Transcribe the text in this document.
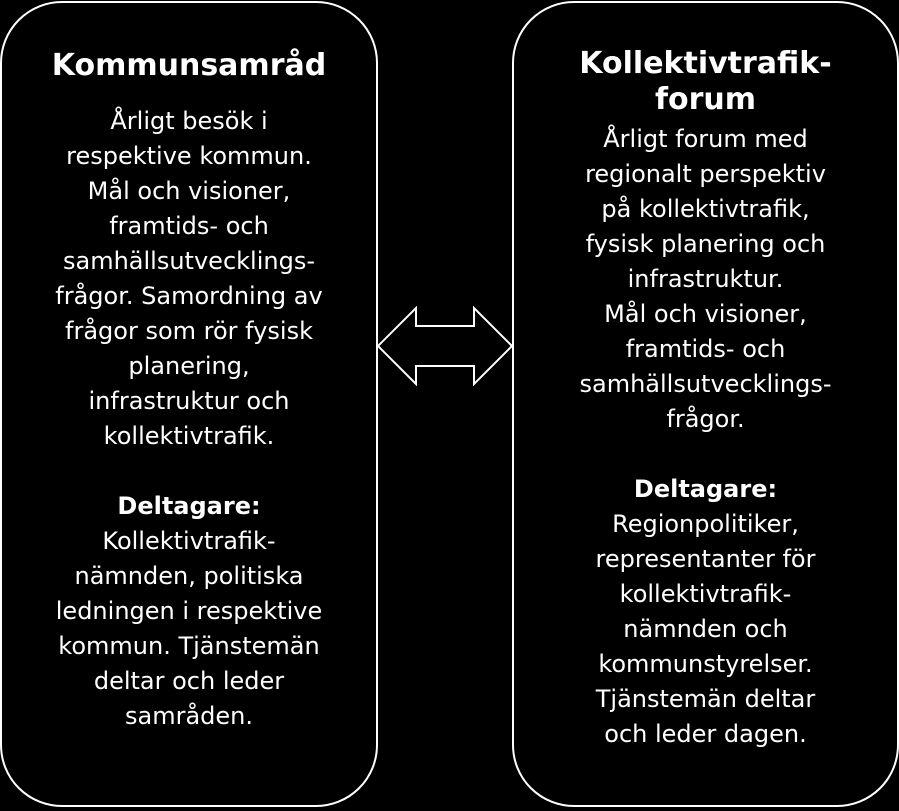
Kommunsamråd

Årligt besök i
respektive kommun.
Mål och visioner,
framtids- och
samhällsutvecklings-
frågor. Samordning av
frågor som rör fysisk
planering,
infrastruktur och
kollektivtrafik.

Deltagare:

Kollektivtrafik-
nämnden, politiska
ledningen i respektive
kommun. Tjänstemän
deltar och leder
samråden.

Kollektivtrafik-
forum

Årligt forum med
regionalt perspektiv
på kollektivtrafik,
fysisk planering och
infrastruktur.
Mål och visioner,
framtids- och
samhällsutvecklings-
frågor.

Deltagare:

Regionpolitiker,
representanter för
kollektivtrafik-
nämnden och
kommunstyrelser.
Tjänstemän deltar
och leder dagen.
